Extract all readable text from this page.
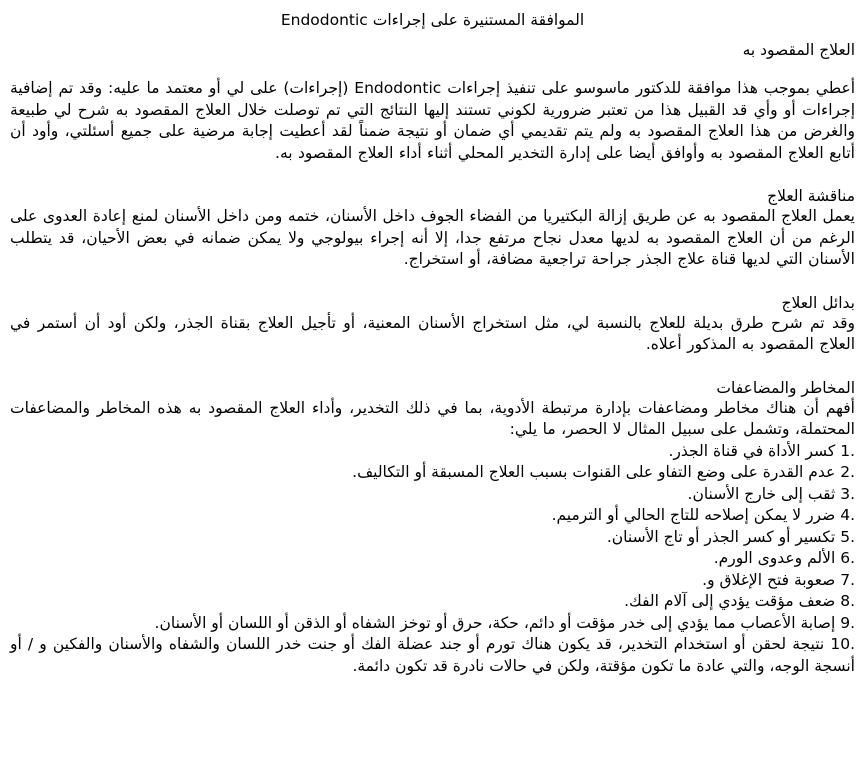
الموافقة المستنيرة على إجراءات Endodontic

العلاج المقصود به

أعطي بموجب هذا موافقة للدكتور ماسوسو على تنفيذ إجراءات Endodontic (إجراءات) على لي أو معتمد ما عليه: وقد تم إضافية إجراءات أو وأي قد القبيل هذا من تعتبر ضرورية لكوني تستند إليها النتائج التي تم توصلت خلال العلاج المقصود به شرح لي طبيعة والغرض من هذا العلاج المقصود به ولم يتم تقديمي أي ضمان أو نتيجة ضمناً لقد أعطيت إجابة مرضية على جميع أسئلتي، وأود أن أتابع العلاج المقصود به وأوافق أيضا على إدارة التخدير المحلي أثناء أداء العلاج المقصود به.

مناقشة العلاج

يعمل العلاج المقصود به عن طريق إزالة البكتيريا من الفضاء الجوف داخل الأسنان، ختمه ومن داخل الأسنان لمنع إعادة العدوى على الرغم من أن العلاج المقصود به لديها معدل نجاح مرتفع جدا، إلا أنه إجراء بيولوجي ولا يمكن ضمانه في بعض الأحيان، قد يتطلب الأسنان التي لديها قناة علاج الجذر جراحة تراجعية مضافة، أو استخراج.

بدائل العلاج

وقد تم شرح طرق بديلة للعلاج بالنسبة لي، مثل استخراج الأسنان المعنية، أو تأجيل العلاج بقناة الجذر، ولكن أود أن أستمر في العلاج المقصود به المذكور أعلاه.

المخاطر والمضاعفات

أفهم أن هناك مخاطر ومضاعفات بإدارة مرتبطة الأدوية، بما في ذلك التخدير، وأداء العلاج المقصود به هذه المخاطر والمضاعفات المحتملة، وتشمل على سبيل المثال لا الحصر، ما يلي:

1. كسر الأداة في قناة الجذر.
2. عدم القدرة على وضع التفاو على القنوات بسبب العلاج المسبقة أو التكاليف.
3. ثقب إلى خارج الأسنان.
4. ضرر لا يمكن إصلاحه للتاج الحالي أو الترميم.
5. تكسير أو كسر الجذر أو تاج الأسنان.
6. الألم وعدوى الورم.
7. صعوبة فتح الإغلاق و.
8. ضعف مؤقت يؤدي إلى آلام الفك.
9. إصابة الأعصاب مما يؤدي إلى خدر مؤقت أو دائم، حكة، حرق أو توخز الشفاه أو الذقن أو اللسان أو الأسنان.
10. نتيجة لحقن أو استخدام التخدير، قد يكون هناك تورم أو جند عضلة الفك أو جنت خدر اللسان والشفاه والأسنان والفكين و / أو أنسجة الوجه، والتي عادة ما تكون مؤقتة، ولكن في حالات نادرة قد تكون دائمة.
